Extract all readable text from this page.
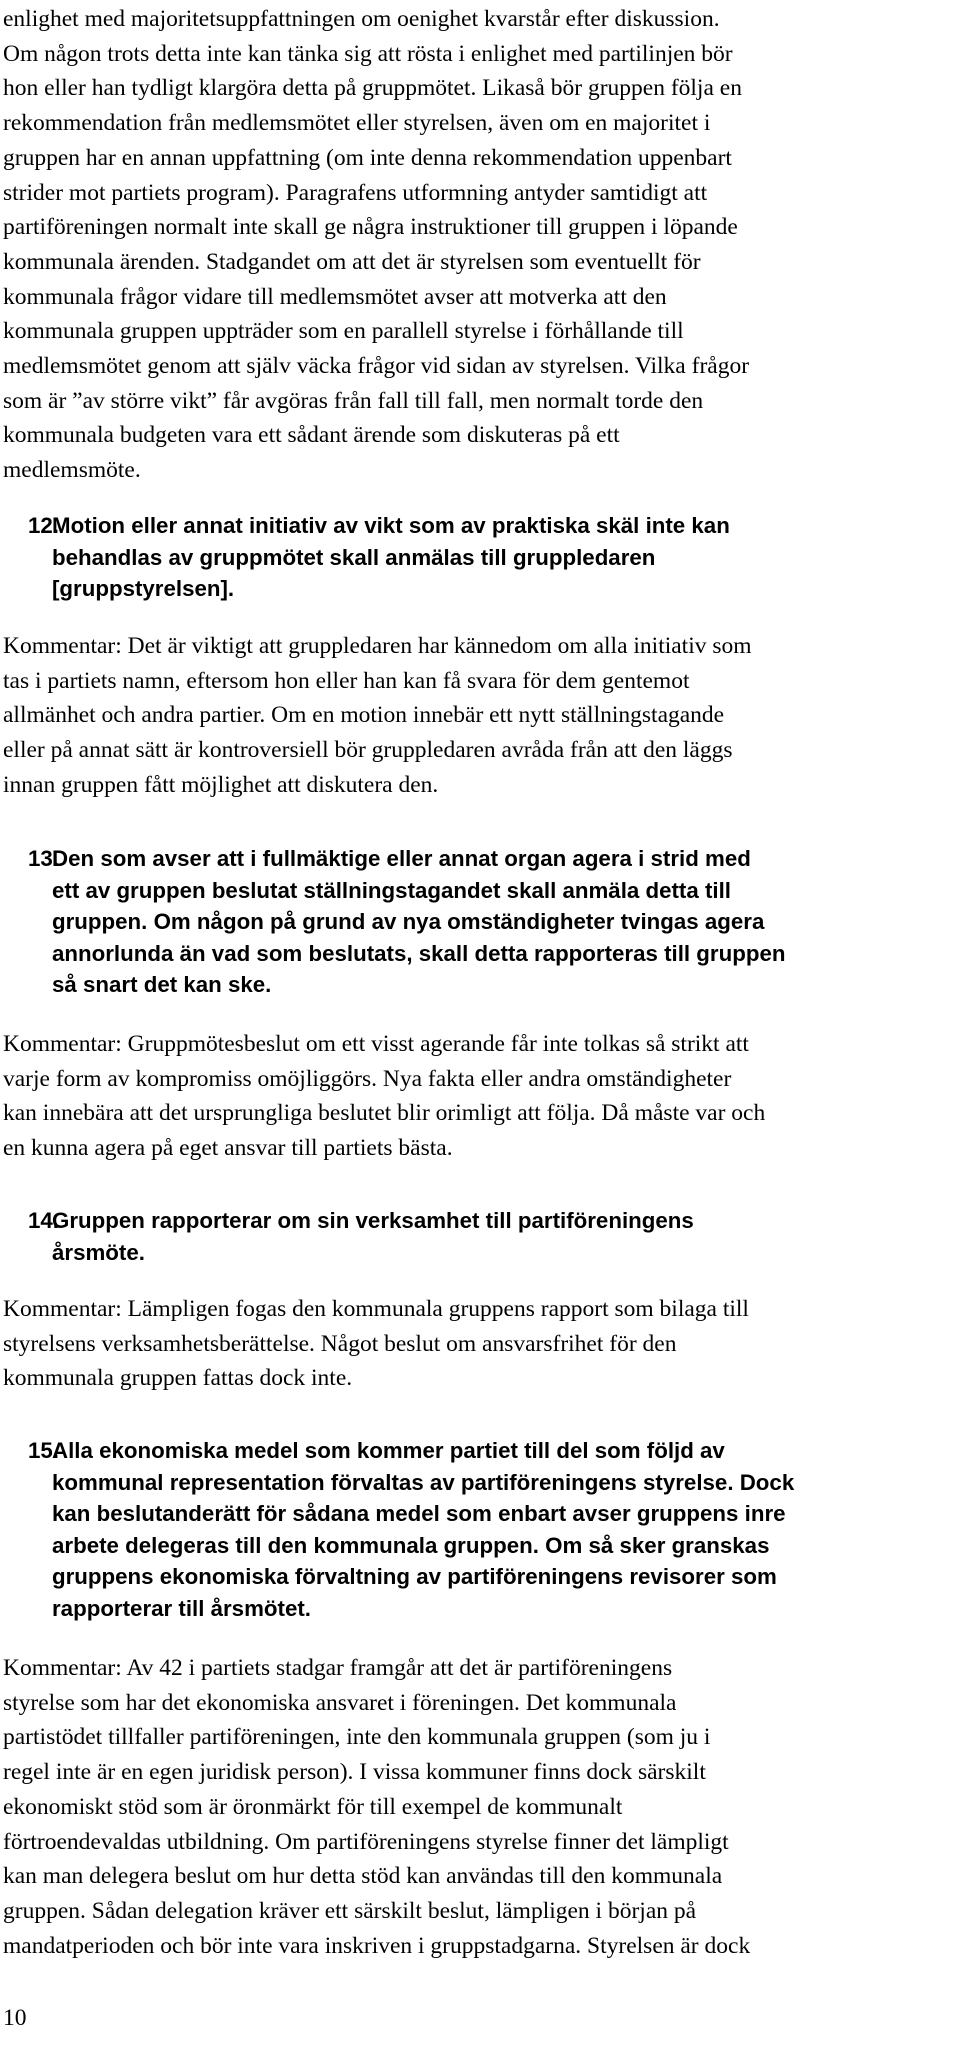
enlighet med majoritetsuppfattningen om oenighet kvarstår efter diskussion.
Om någon trots detta inte kan tänka sig att rösta i enlighet med partilinjen bör
hon eller han tydligt klargöra detta på gruppmötet. Likaså bör gruppen följa en
rekommendation från medlemsmötet eller styrelsen, även om en majoritet i
gruppen har en annan uppfattning (om inte denna rekommendation uppenbart
strider mot partiets program). Paragrafens utformning antyder samtidigt att
partiföreningen normalt inte skall ge några instruktioner till gruppen i löpande
kommunala ärenden. Stadgandet om att det är styrelsen som eventuellt för
kommunala frågor vidare till medlemsmötet avser att motverka att den
kommunala gruppen uppträder som en parallell styrelse i förhållande till
medlemsmötet genom att själv väcka frågor vid sidan av styrelsen. Vilka frågor
som är ”av större vikt” får avgöras från fall till fall, men normalt torde den
kommunala budgeten vara ett sådant ärende som diskuteras på ett
medlemsmöte.

12.
Motion eller annat initiativ av vikt som av praktiska skäl inte kan
behandlas av gruppmötet skall anmälas till gruppledaren
[gruppstyrelsen].

Kommentar: Det är viktigt att gruppledaren har kännedom om alla initiativ som
tas i partiets namn, eftersom hon eller han kan få svara för dem gentemot
allmänhet och andra partier. Om en motion innebär ett nytt ställningstagande
eller på annat sätt är kontroversiell bör gruppledaren avråda från att den läggs
innan gruppen fått möjlighet att diskutera den.

13.
Den som avser att i fullmäktige eller annat organ agera i strid med
ett av gruppen beslutat ställningstagandet skall anmäla detta till
gruppen. Om någon på grund av nya omständigheter tvingas agera
annorlunda än vad som beslutats, skall detta rapporteras till gruppen
så snart det kan ske.

Kommentar: Gruppmötesbeslut om ett visst agerande får inte tolkas så strikt att
varje form av kompromiss omöjliggörs. Nya fakta eller andra omständigheter
kan innebära att det ursprungliga beslutet blir orimligt att följa. Då måste var och
en kunna agera på eget ansvar till partiets bästa.

14.
Gruppen rapporterar om sin verksamhet till partiföreningens
årsmöte.

Kommentar: Lämpligen fogas den kommunala gruppens rapport som bilaga till
styrelsens verksamhetsberättelse. Något beslut om ansvarsfrihet för den
kommunala gruppen fattas dock inte.

15.
Alla ekonomiska medel som kommer partiet till del som följd av
kommunal representation förvaltas av partiföreningens styrelse. Dock
kan beslutanderätt för sådana medel som enbart avser gruppens inre
arbete delegeras till den kommunala gruppen. Om så sker granskas
gruppens ekonomiska förvaltning av partiföreningens revisorer som
rapporterar till årsmötet.

Kommentar: Av 42 i partiets stadgar framgår att det är partiföreningens
styrelse som har det ekonomiska ansvaret i föreningen. Det kommunala
partistödet tillfaller partiföreningen, inte den kommunala gruppen (som ju i
regel inte är en egen juridisk person). I vissa kommuner finns dock särskilt
ekonomiskt stöd som är öronmärkt för till exempel de kommunalt
förtroendevaldas utbildning. Om partiföreningens styrelse finner det lämpligt
kan man delegera beslut om hur detta stöd kan användas till den kommunala
gruppen. Sådan delegation kräver ett särskilt beslut, lämpligen i början på
mandatperioden och bör inte vara inskriven i gruppstadgarna. Styrelsen är dock

10
